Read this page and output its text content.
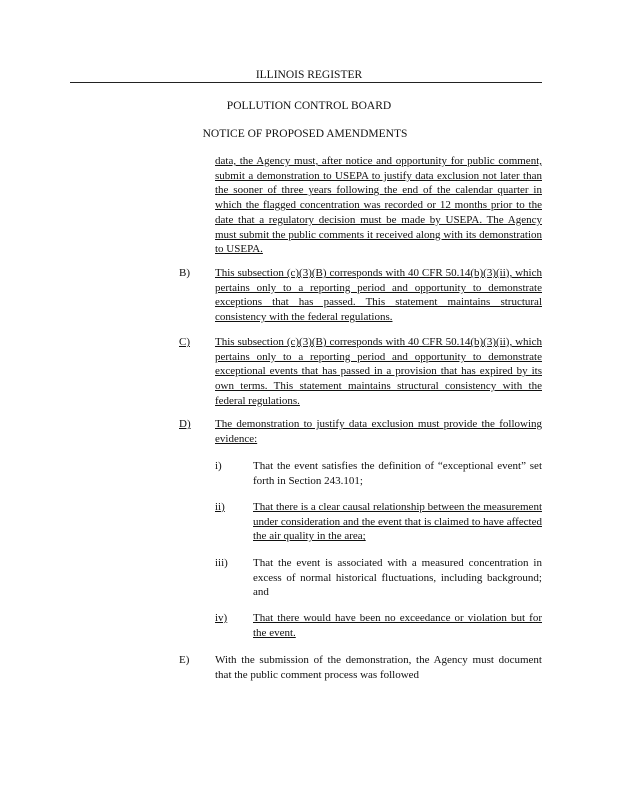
ILLINOIS REGISTER
POLLUTION CONTROL BOARD
NOTICE OF PROPOSED AMENDMENTS

data, the Agency must, after notice and opportunity for public comment, submit a demonstration to USEPA to justify data exclusion not later than the sooner of three years following the end of the calendar quarter in which the flagged concentration was recorded or 12 months prior to the date that a regulatory decision must be made by USEPA. The Agency must submit the public comments it received along with its demonstration to USEPA.

B) This subsection (c)(3)(B) corresponds with 40 CFR 50.14(b)(3)(ii), which pertains only to a reporting period and opportunity to demonstrate exceptions that has passed. This statement maintains structural consistency with the federal regulations.

C) This subsection (c)(3)(B) corresponds with 40 CFR 50.14(b)(3)(ii), which pertains only to a reporting period and opportunity to demonstrate exceptional events that has passed in a provision that has expired by its own terms. This statement maintains structural consistency with the federal regulations.

D) The demonstration to justify data exclusion must provide the following evidence:

i)	That the event satisfies the definition of “exceptional event” set forth in Section 243.101;

ii)	That there is a clear causal relationship between the measurement under consideration and the event that is claimed to have affected the air quality in the area;

iii) That the event is associated with a measured concentration in excess of normal historical fluctuations, including background; and

iv) That there would have been no exceedance or violation but for the event.

E) With the submission of the demonstration, the Agency must document that the public comment process was followed
